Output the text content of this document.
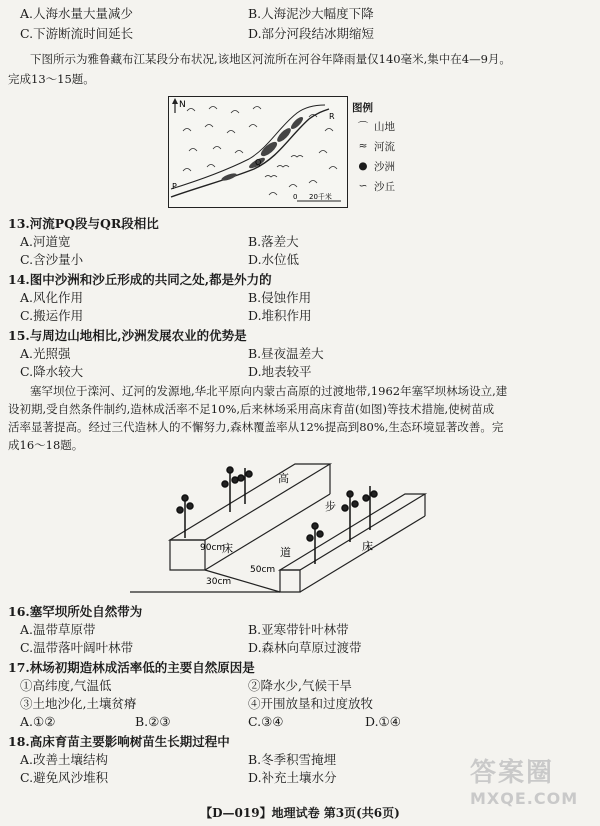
A.人海水量大量减少	B.人海泥沙大幅度下降
C.下游断流时间延长	D.部分河段结冰期缩短
下图所示为雅鲁藏布江某段分布状况,该地区河流所在河谷年降雨量仅140毫米,集中在4—9月。
完成13～15题。
N
P
Q
R
0 20千米
图例
⌒ 山地
≈ 河流
● 沙洲
∽ 沙丘
13.河流PQ段与QR段相比
A.河道宽	B.落差大
C.含沙量小	D.水位低
14.图中沙洲和沙丘形成的共同之处,都是外力的
A.风化作用	B.侵蚀作用
C.搬运作用	D.堆积作用
15.与周边山地相比,沙洲发展农业的优势是
A.光照强	B.昼夜温差大
C.降水较大	D.地表较平
塞罕坝位于滦河、辽河的发源地,华北平原向内蒙古高原的过渡地带,1962年塞罕坝林场设立,建
设初期,受自然条件制约,造林成活率不足10%,后来林场采用高床育苗(如图)等技术措施,使树苗成
活率显著提高。经过三代造林人的不懈努力,森林覆盖率从12%提高到80%,生态环境显著改善。完
成16～18题。
高
步
床	床
道
90cm
50cm
30cm
16.塞罕坝所处自然带为
A.温带草原带	B.亚寒带针叶林带
C.温带落叶阔叶林带	D.森林向草原过渡带
17.林场初期造林成活率低的主要自然原因是
①高纬度,气温低	②降水少,气候干旱
③土地沙化,土壤贫瘠	④开围放垦和过度放牧
A.①②	B.②③	C.③④	D.①④
18.高床育苗主要影响树苗生长期过程中
A.改善土壤结构	B.冬季积雪掩埋
C.避免风沙堆积	D.补充土壤水分
【D—019】地理试卷 第3页(共6页)
答案圈
MXQE.COM
